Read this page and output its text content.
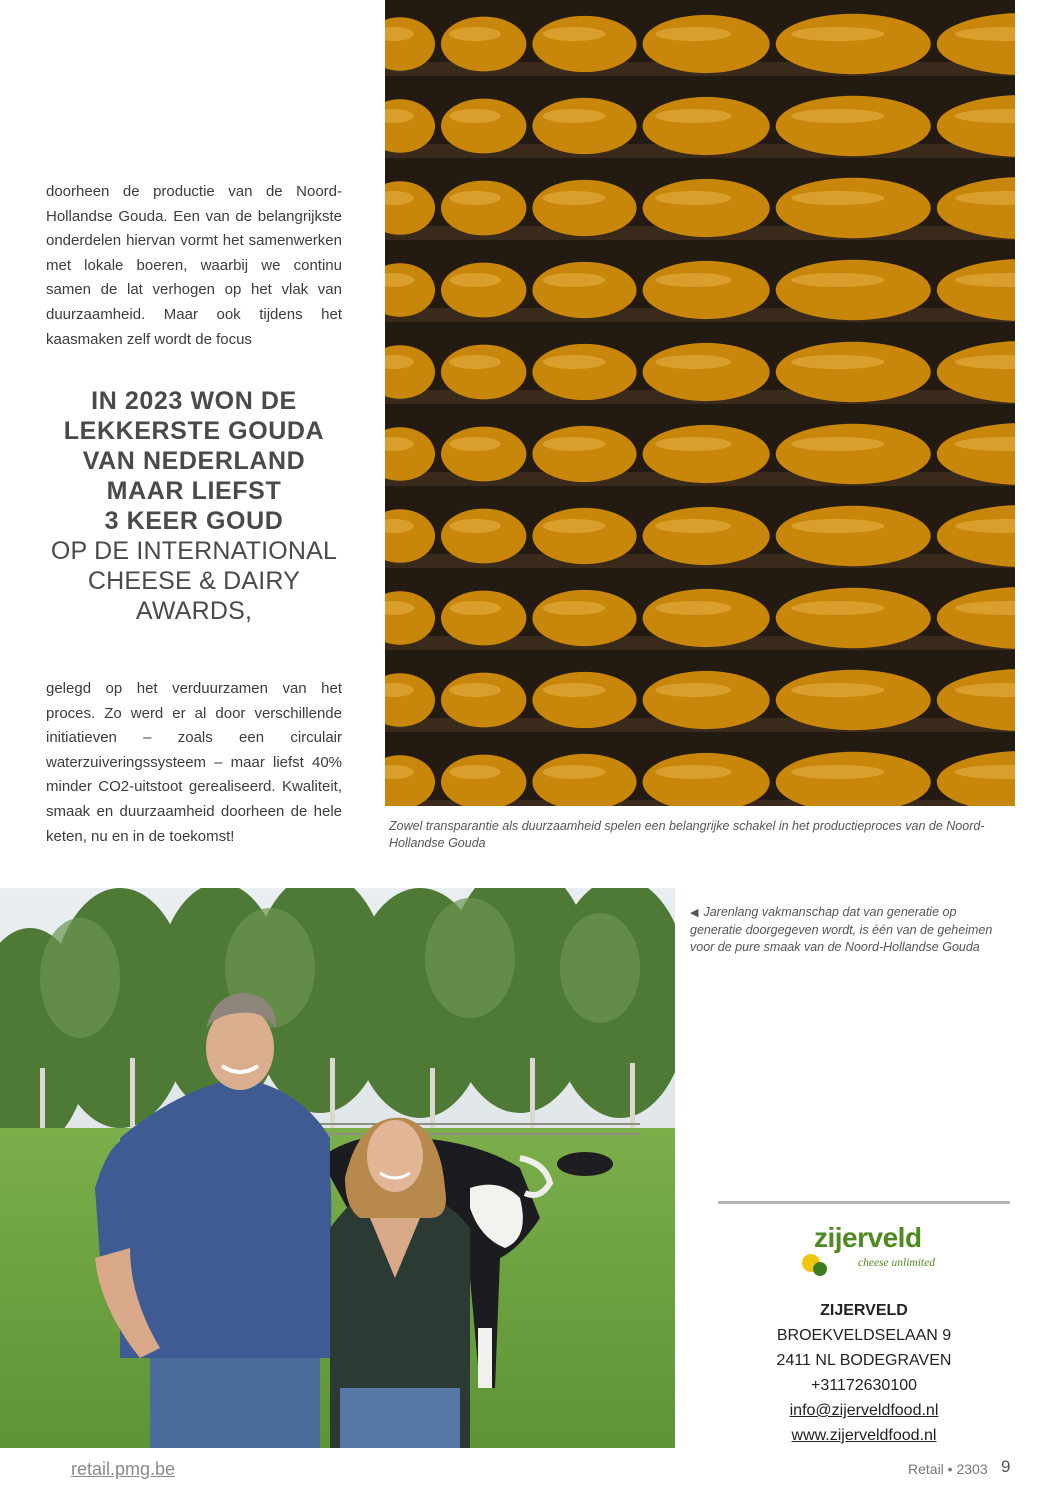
doorheen de productie van de Noord-Hollandse Gouda. Een van de belangrijkste onderdelen hiervan vormt het samenwerken met lokale boeren, waarbij we continu samen de lat verhogen op het vlak van duurzaamheid. Maar ook tijdens het kaasmaken zelf wordt de focus

IN 2023 WON DE
LEKKERSTE GOUDA
VAN NEDERLAND
MAAR LIEFST
3 KEER GOUD
OP DE INTERNATIONAL
CHEESE & DAIRY
AWARDS,

gelegd op het verduurzamen van het proces. Zo werd er al door verschillende initiatieven – zoals een circulair waterzuiveringssysteem – maar liefst 40% minder CO2-uitstoot gerealiseerd. Kwaliteit, smaak en duurzaamheid doorheen de hele keten, nu en in de toekomst!

Zowel transparantie als duurzaamheid spelen een belangrijke schakel in het productieproces van de Noord-Hollandse Gouda

◀ Jarenlang vakmanschap dat van generatie op generatie doorgegeven wordt, is één van de geheimen voor de pure smaak van de Noord-Hollandse Gouda

zijerveld
cheese unlimited
ZIJERVELD
BROEKVELDSELAAN 9
2411 NL BODEGRAVEN
+31172630100
info@zijerveldfood.nl
www.zijerveldfood.nl
retail.pmg.be	Retail • 2303 9
